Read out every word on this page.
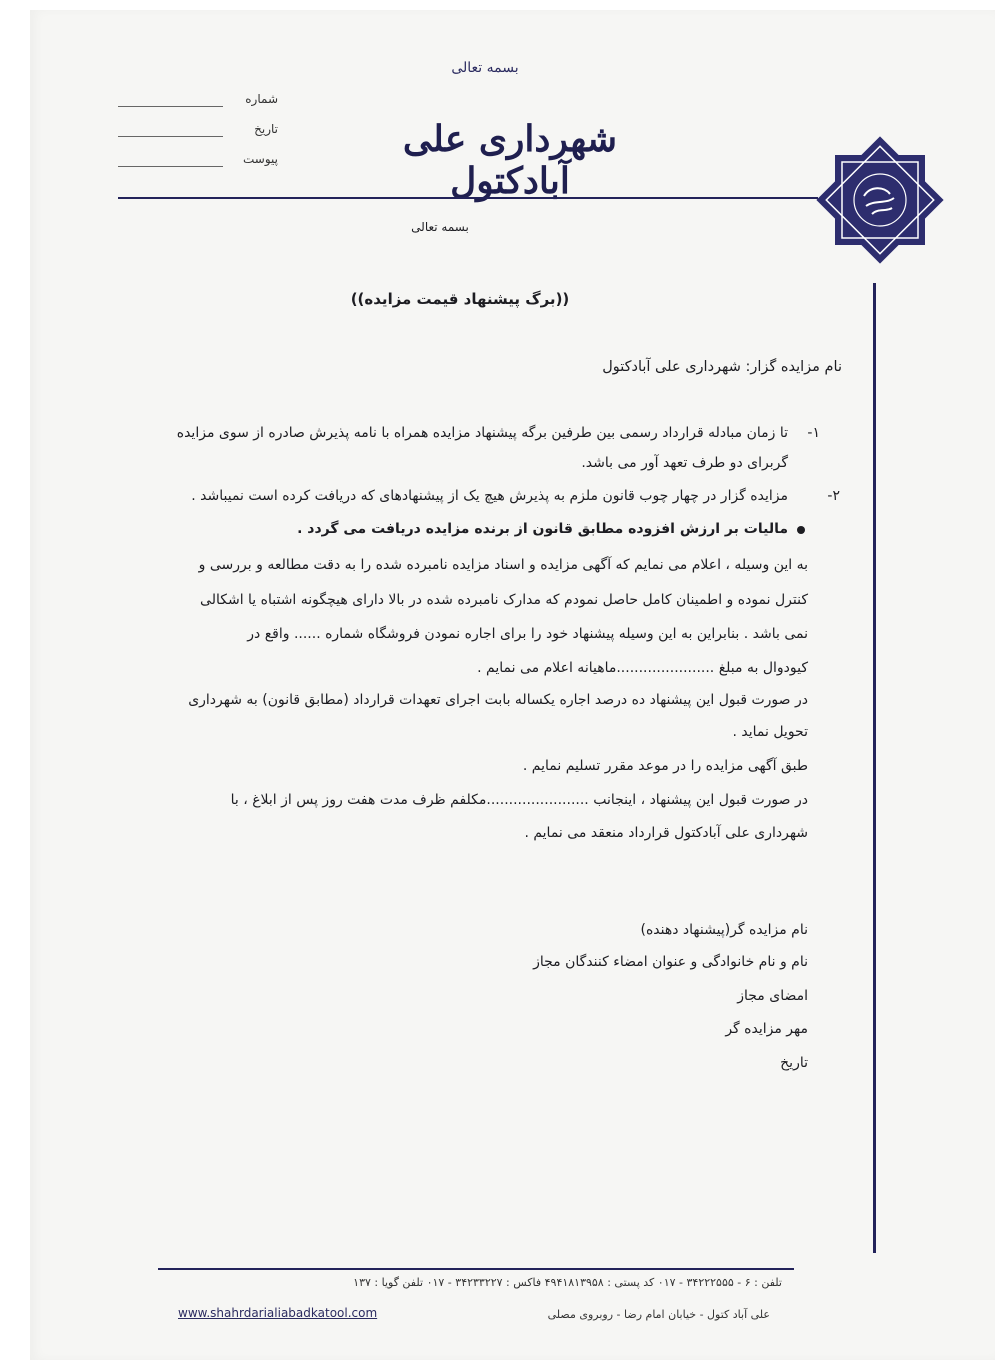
بسمه تعالی
شهرداری علی آبادکتول
شماره
تاریخ
پیوست
بسمه تعالی
((برگ پیشنهاد قیمت مزایده))
نام مزایده گزار: شهرداری علی آبادکتول
۱-
تا زمان مبادله قرارداد رسمی بین طرفین برگه پیشنهاد مزایده همراه با نامه پذیرش صادره از سوی مزایده
گربرای دو طرف تعهد آور می باشد.
۲-
مزایده گزار در چهار چوب قانون ملزم به پذیرش هیچ یک از پیشنهادهای که دریافت کرده است نمیباشد .
مالیات بر ارزش افزوده مطابق قانون از برنده مزایده دریافت می گردد .
به این وسیله ، اعلام می نمایم که آگهی مزایده و اسناد مزایده نامبرده شده را به دقت مطالعه و بررسی و
کنترل نموده و اطمینان کامل حاصل نمودم که مدارک نامبرده شده در بالا دارای هیچگونه اشتباه یا اشکالی
نمی باشد . بنابراین به این وسیله پیشنهاد خود را برای اجاره نمودن فروشگاه شماره ...... واقع در
کیودوال به مبلغ ......................ماهیانه اعلام می نمایم .
در صورت قبول این پیشنهاد ده درصد اجاره یکساله بابت اجرای تعهدات قرارداد (مطابق قانون) به شهرداری
تحویل نماید .
طبق آگهی مزایده را در موعد مقرر تسلیم نمایم .
در صورت قبول این پیشنهاد ، اینجانب .......................مکلفم ظرف مدت هفت روز پس از ابلاغ ، با
شهرداری علی آبادکتول قرارداد منعقد می نمایم .
نام مزایده گر(پیشنهاد دهنده)
نام و نام خانوادگی و عنوان امضاء کنندگان مجاز
امضای مجاز
مهر مزایده گر
تاریخ
تلفن : ۶ - ۳۴۲۲۲۵۵۵ - ۰۱۷ کد پستی : ۴۹۴۱۸۱۳۹۵۸ فاکس : ۳۴۲۳۳۲۲۷ - ۰۱۷ تلفن گویا : ۱۳۷
علی آباد کتول - خیابان امام رضا - روبروی مصلی
www.shahrdarialiabadkatool.com
